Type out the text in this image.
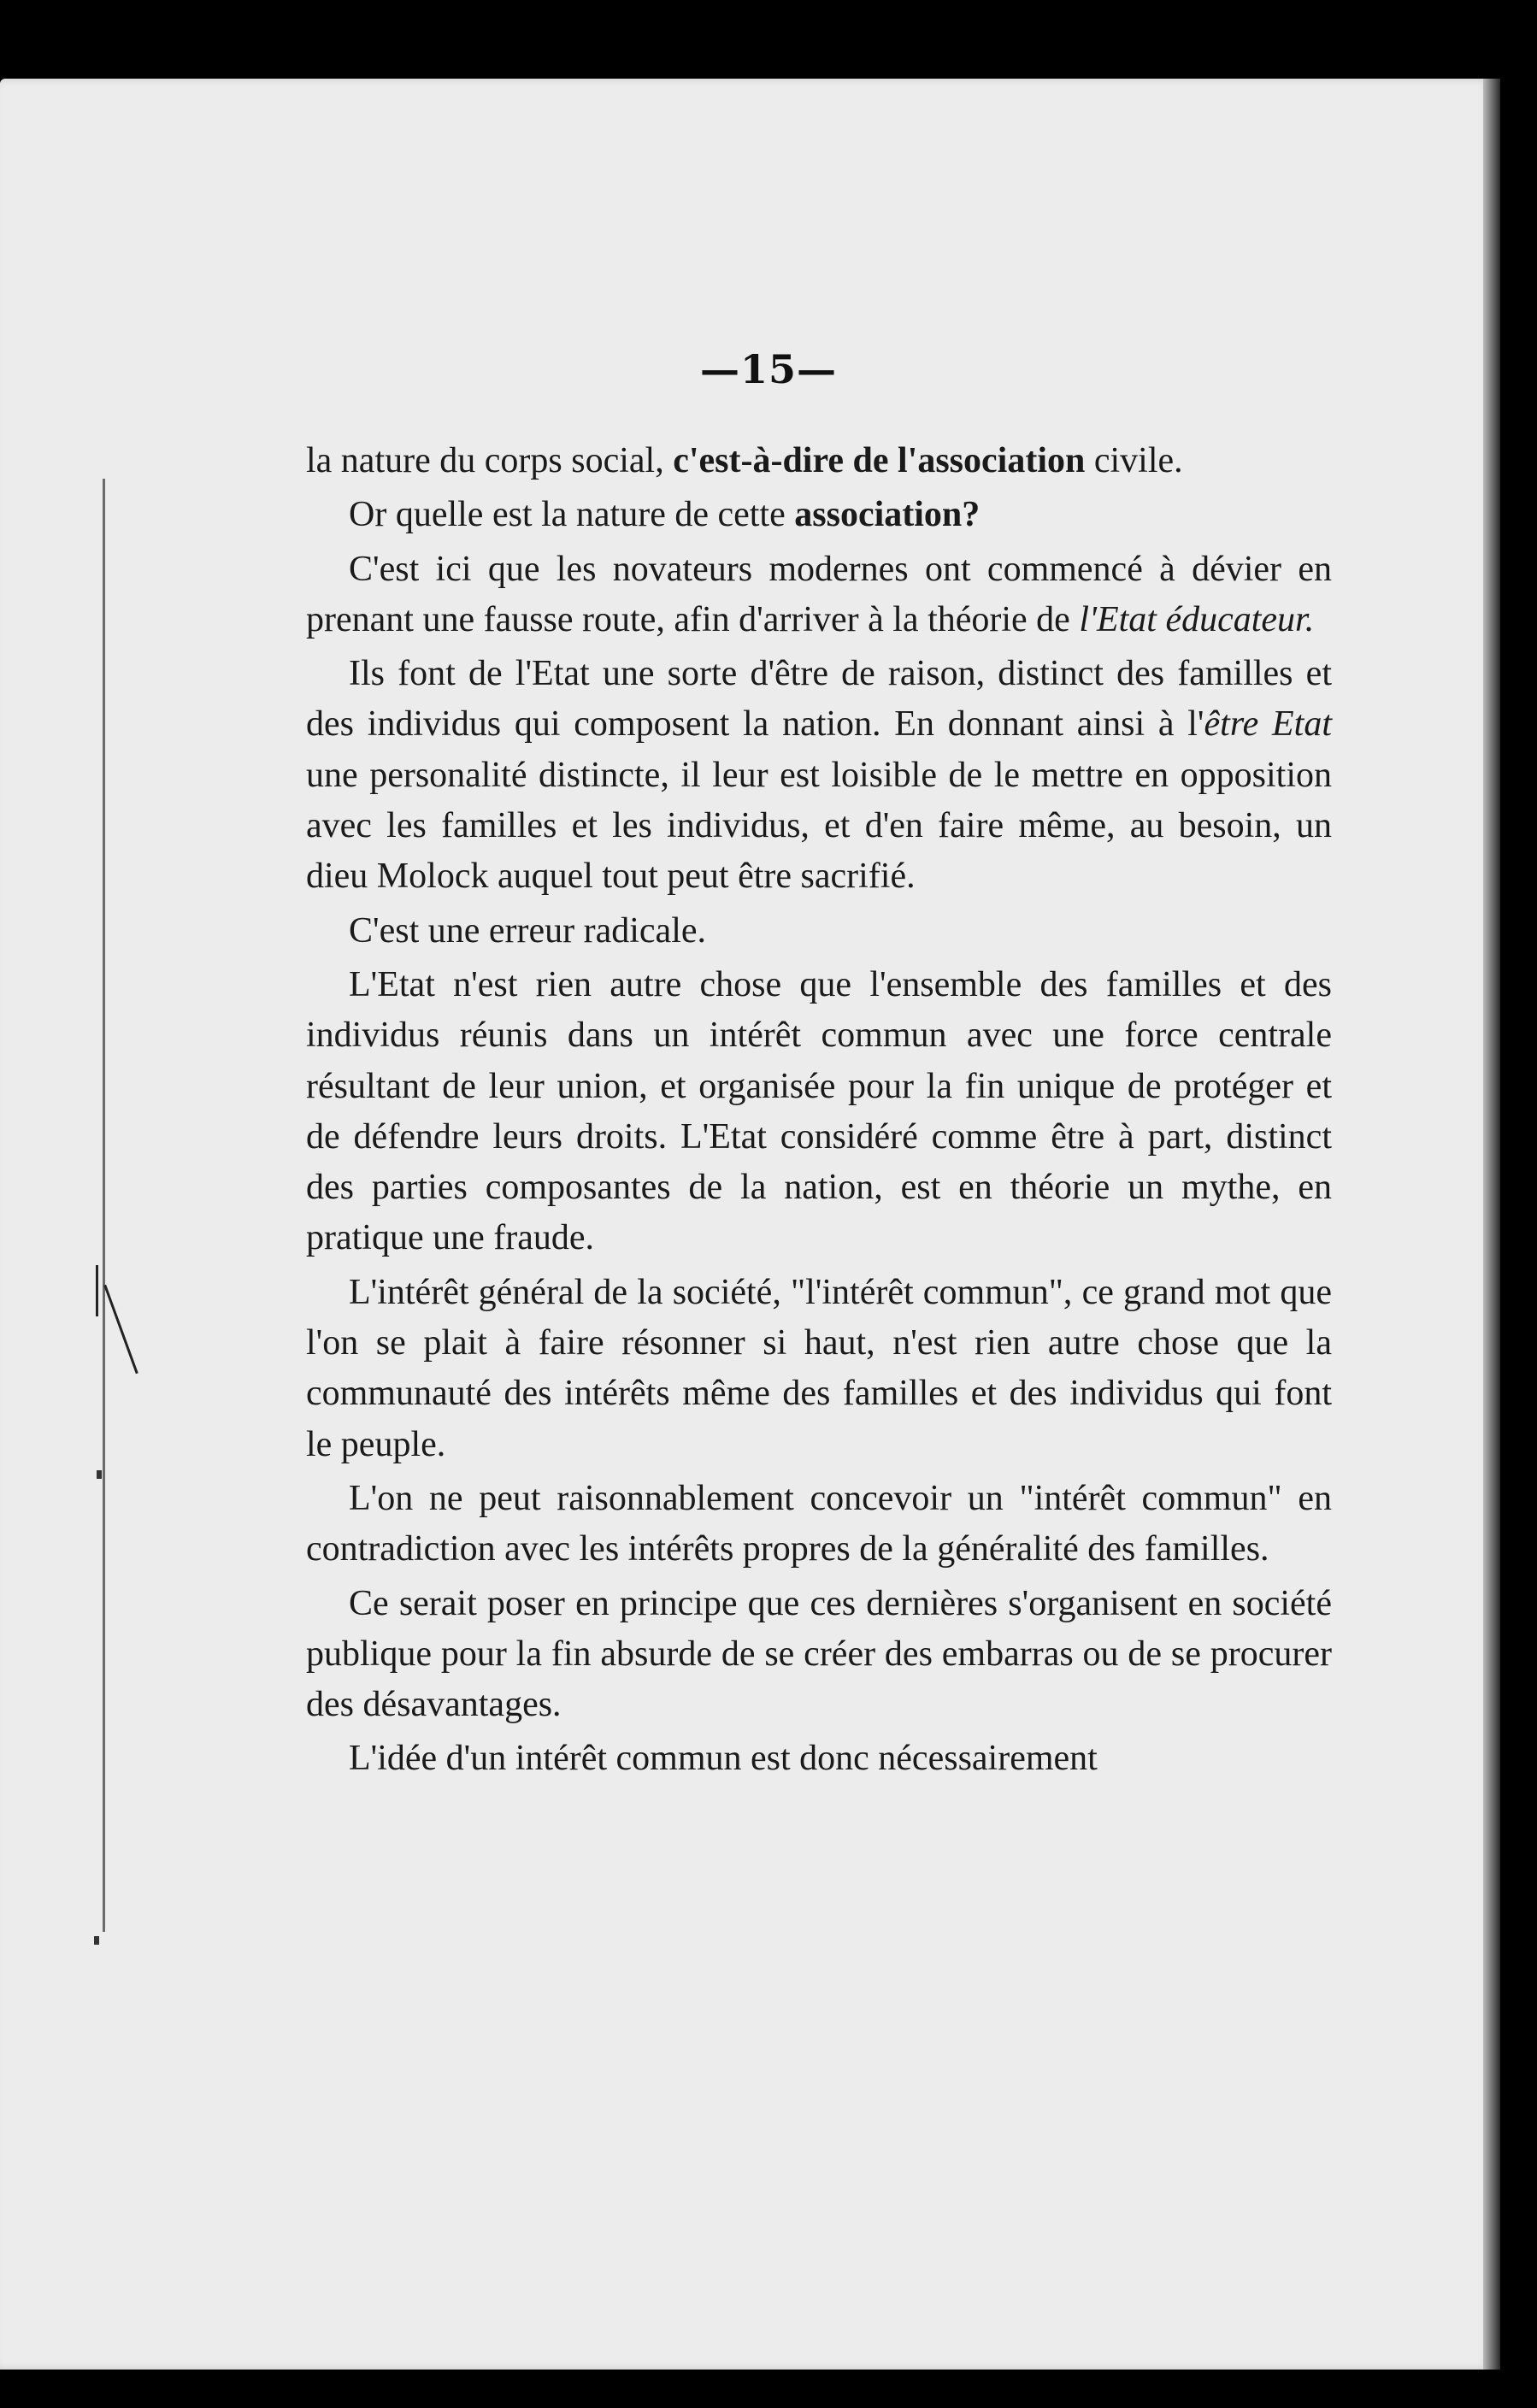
—15—

la nature du corps social, c'est-à-dire de l'association civile.

Or quelle est la nature de cette association?

C'est ici que les novateurs modernes ont commencé à dévier en prenant une fausse route, afin d'arriver à la théorie de l'Etat éducateur.

Ils font de l'Etat une sorte d'être de raison, distinct des familles et des individus qui composent la nation. En donnant ainsi à l'être Etat une personalité distincte, il leur est loisible de le mettre en opposition avec les familles et les individus, et d'en faire même, au besoin, un dieu Molock auquel tout peut être sacrifié.

C'est une erreur radicale.

L'Etat n'est rien autre chose que l'ensemble des familles et des individus réunis dans un intérêt commun avec une force centrale résultant de leur union, et organisée pour la fin unique de protéger et de défendre leurs droits. L'Etat considéré comme être à part, distinct des parties composantes de la nation, est en théorie un mythe, en pratique une fraude.

L'intérêt général de la société, "l'intérêt commun", ce grand mot que l'on se plait à faire résonner si haut, n'est rien autre chose que la communauté des intérêts même des familles et des individus qui font le peuple.

L'on ne peut raisonnablement concevoir un "intérêt commun" en contradiction avec les intérêts propres de la généralité des familles.

Ce serait poser en principe que ces dernières s'organisent en société publique pour la fin absurde de se créer des embarras ou de se procurer des désavantages.

L'idée d'un intérêt commun est donc nécessairement
